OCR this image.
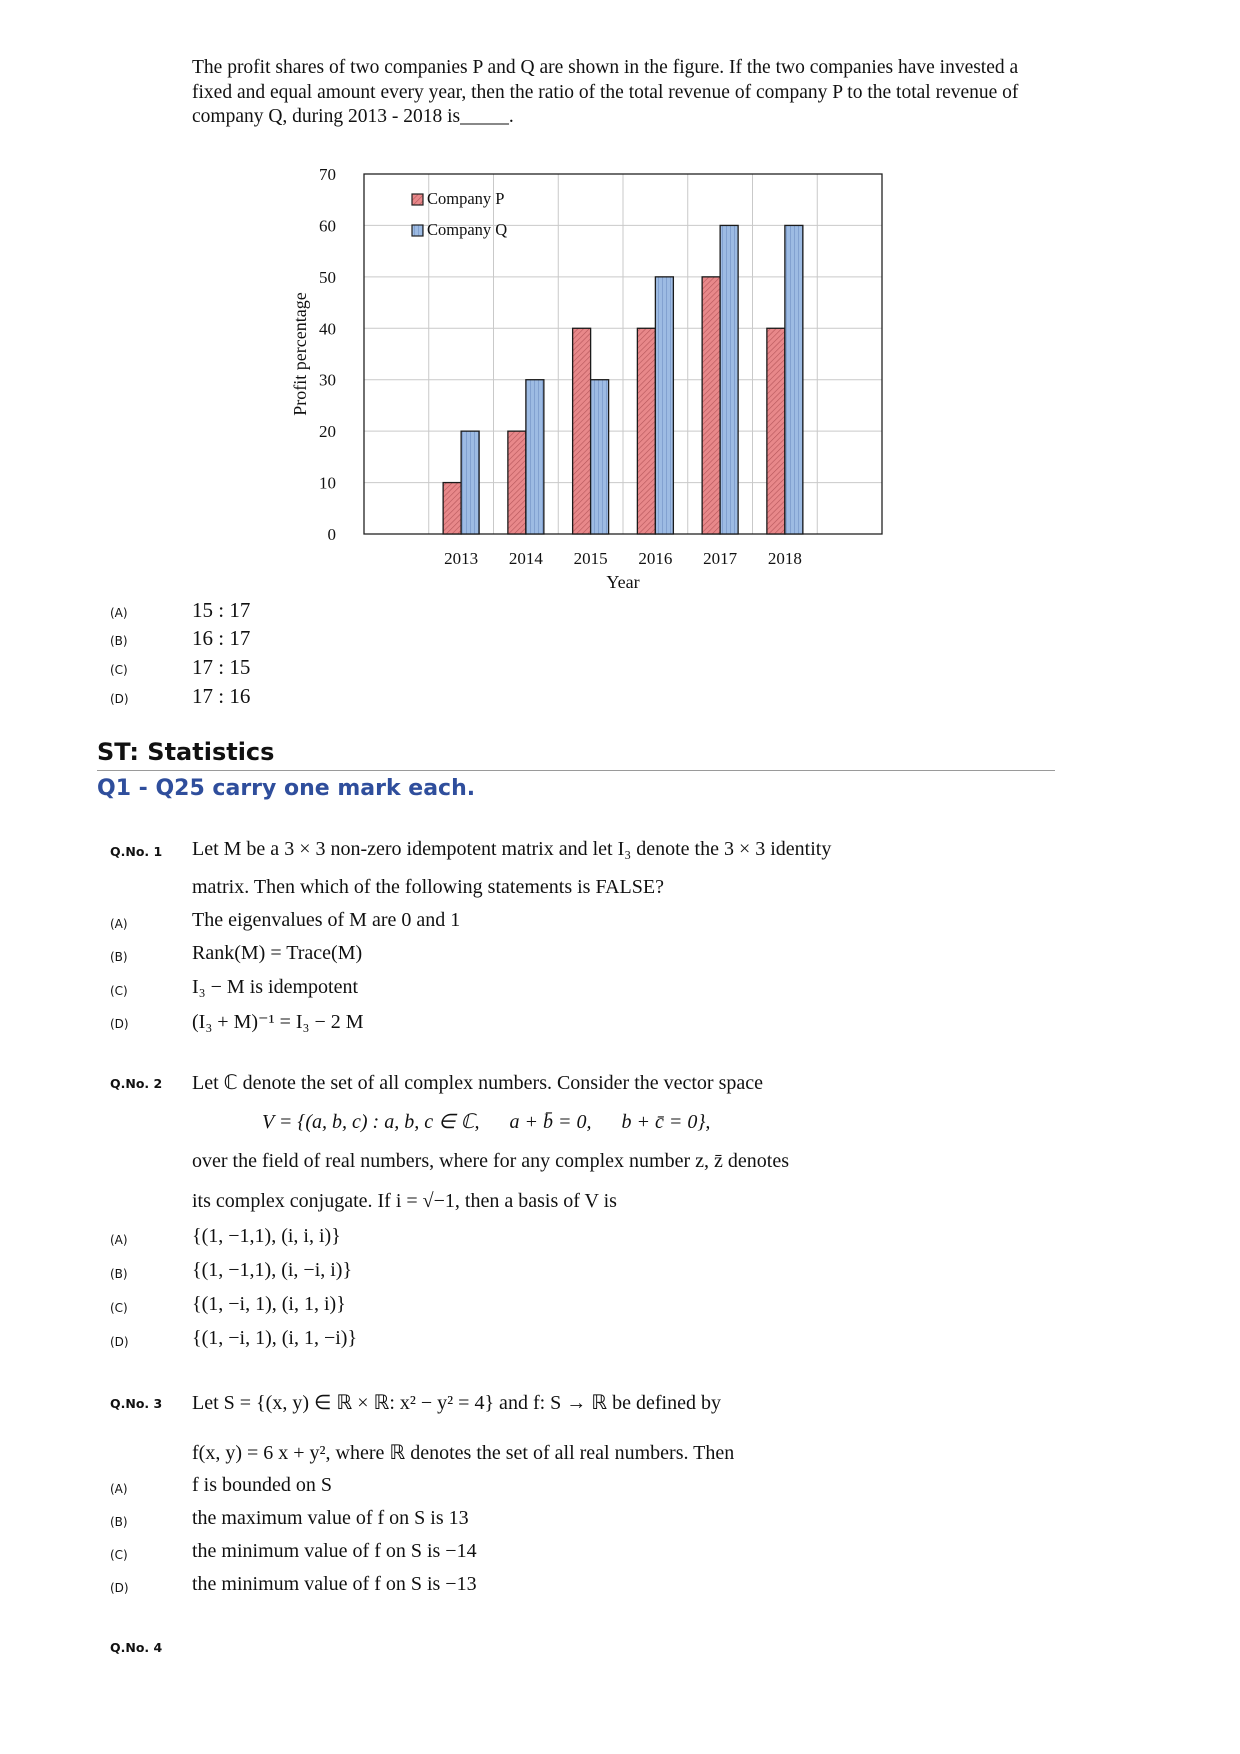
The profit shares of two companies P and Q are shown in the figure. If the two companies have invested a fixed and equal amount every year, then the ratio of the total revenue of company P to the total revenue of company Q, during 2013 - 2018 is_____.
0
10
20
30
40
50
60
70
2013 2014 2015 2016 2017 2018
Profit percentage
Year
Company P
Company Q
(A)	15 : 17
(B)	16 : 17
(C)	17 : 15
(D)	17 : 16
ST: Statistics
Q1 - Q25 carry one mark each.
Q.No. 1 Let M be a 3 × 3 non-zero idempotent matrix and let I₃ denote the 3 × 3 identity
matrix. Then which of the following statements is FALSE?
(A)	The eigenvalues of M are 0 and 1
(B)	Rank(M) = Trace(M)
(C)	I₃ − M is idempotent
(D)	(I₃ + M)⁻¹ = I₃ − 2 M
Q.No. 2 Let ℂ denote the set of all complex numbers. Consider the vector space
V = {(a, b, c) : a, b, c ∈ ℂ,      a + b̄ = 0,      b + c̄ = 0},
over the field of real numbers, where for any complex number z, z̄ denotes
its complex conjugate. If i = √−1, then a basis of V is
(A)	{(1, −1,1), (i, i, i)}
(B)	{(1, −1,1), (i, −i, i)}
(C)	{(1, −i, 1), (i, 1, i)}
(D)	{(1, −i, 1), (i, 1, −i)}
Q.No. 3 Let S = {(x, y) ∈ ℝ × ℝ: x² − y² = 4} and f: S → ℝ be defined by
f(x, y) = 6 x + y², where ℝ denotes the set of all real numbers. Then
(A)	f is bounded on S
(B)	the maximum value of f on S is 13
(C)	the minimum value of f on S is −14
(D)	the minimum value of f on S is −13
Q.No. 4
